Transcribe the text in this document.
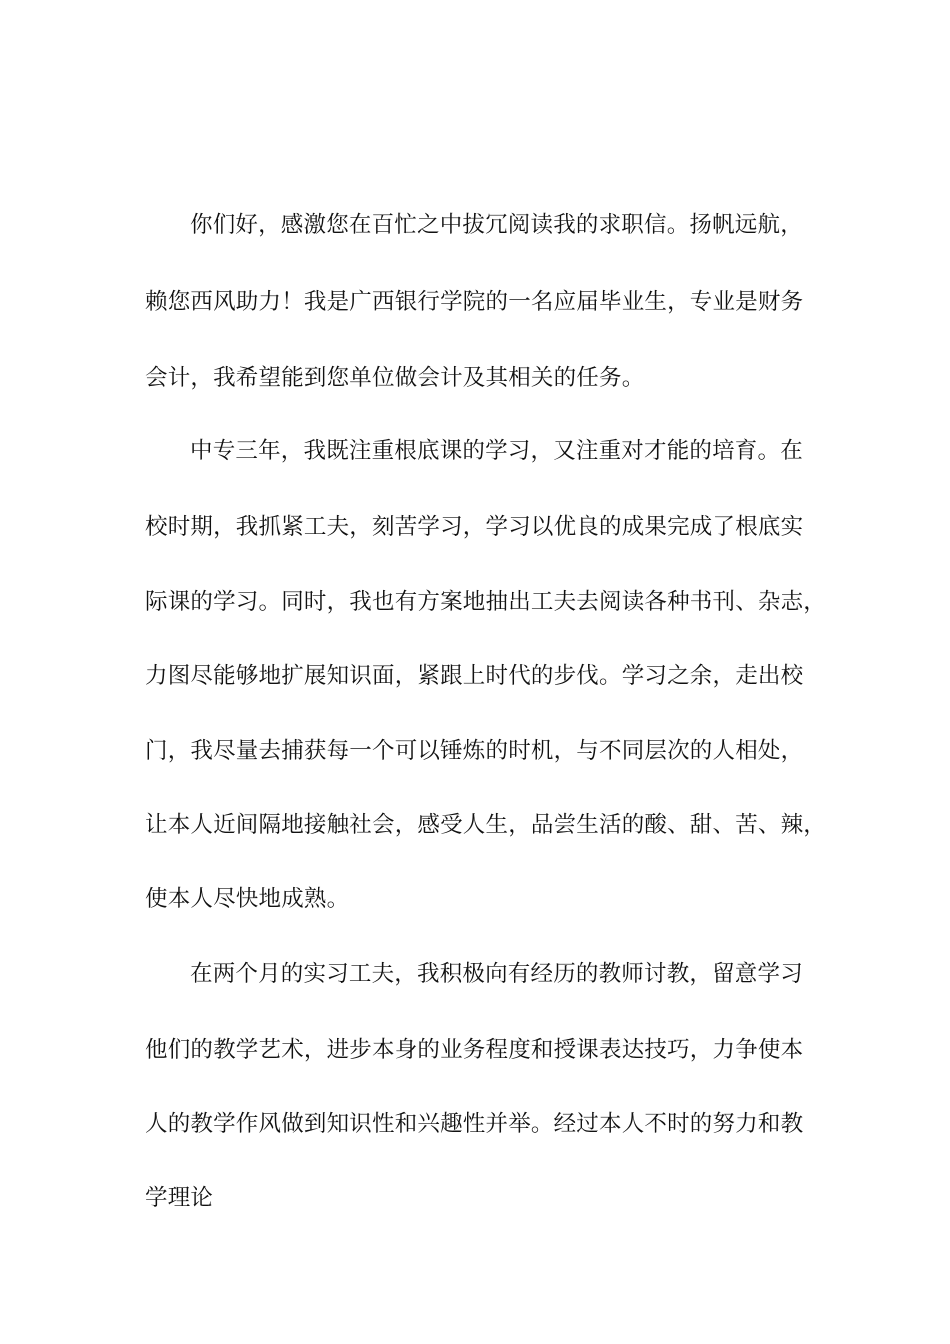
你们好，感激您在百忙之中拔冗阅读我的求职信。扬帆远航，
赖您西风助力！我是广西银行学院的一名应届毕业生，专业是财务
会计，我希望能到您单位做会计及其相关的任务。
中专三年，我既注重根底课的学习，又注重对才能的培育。在
校时期，我抓紧工夫，刻苦学习，学习以优良的成果完成了根底实
际课的学习。同时，我也有方案地抽出工夫去阅读各种书刊、杂志，
力图尽能够地扩展知识面，紧跟上时代的步伐。学习之余，走出校
门，我尽量去捕获每一个可以锤炼的时机，与不同层次的人相处，
让本人近间隔地接触社会，感受人生，品尝生活的酸、甜、苦、辣，
使本人尽快地成熟。
在两个月的实习工夫，我积极向有经历的教师讨教，留意学习
他们的教学艺术，进步本身的业务程度和授课表达技巧，力争使本
人的教学作风做到知识性和兴趣性并举。经过本人不时的努力和教
学理论
